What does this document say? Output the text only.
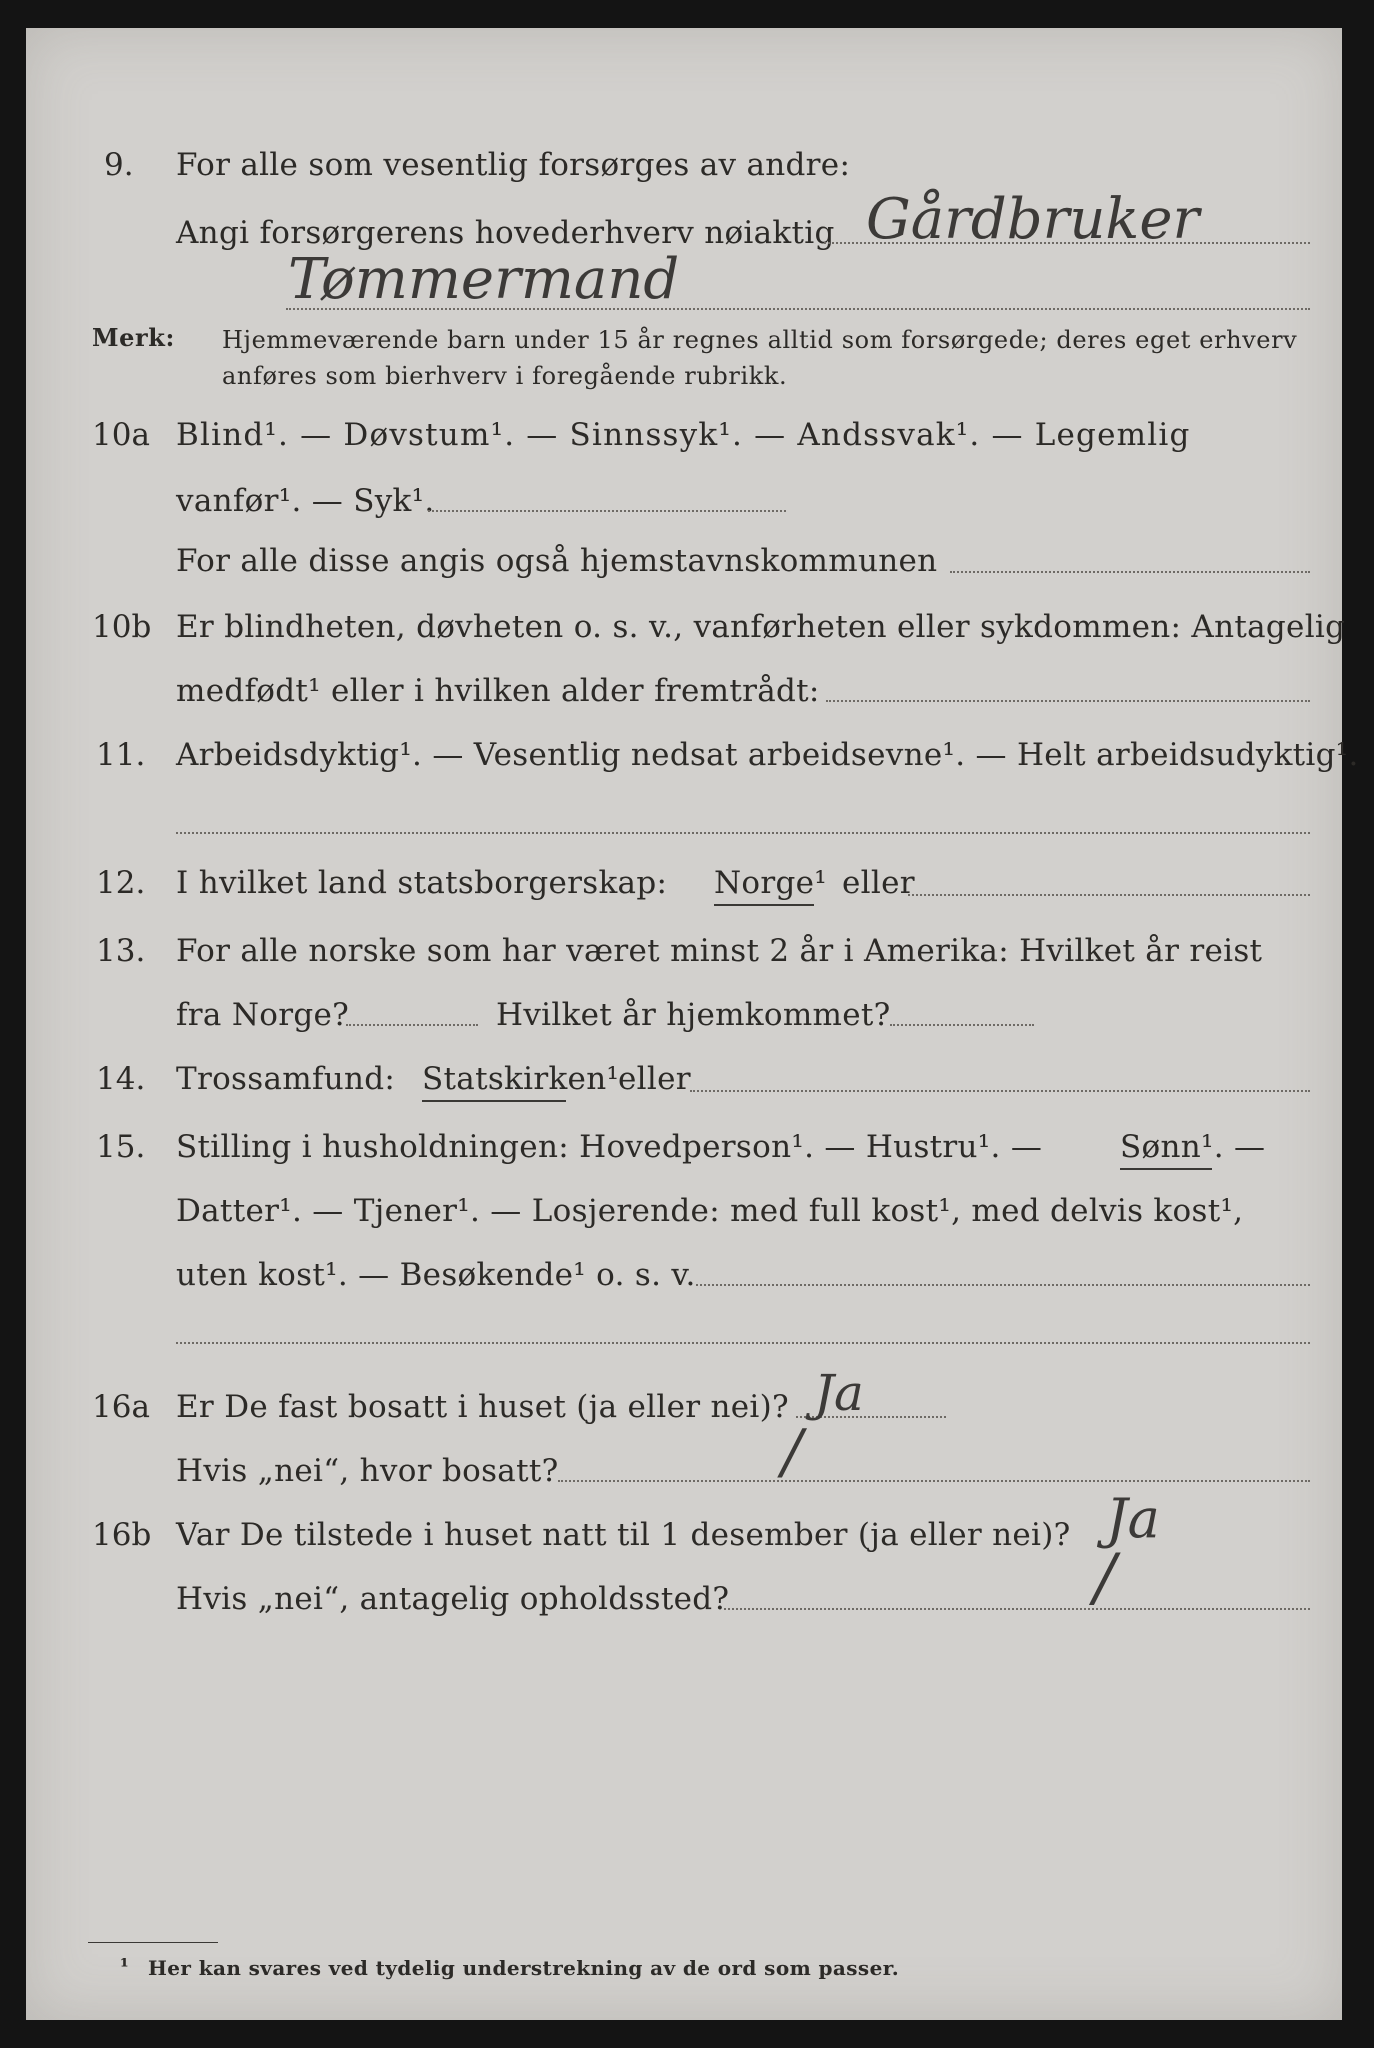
9. For alle som vesentlig forsørges av andre:
Angi forsørgerens hovederhverv nøiaktig Gårdbruker
Tømmermand
Merk: Hjemmeværende barn under 15 år regnes alltid som forsørgede; deres eget erhverv
anføres som bierhverv i foregående rubrikk.
10a Blind¹. — Døvstum¹. — Sinnssyk¹. — Andssvak¹. — Legemlig
vanfør¹. — Syk¹.
For alle disse angis også hjemstavnskommunen
10b Er blindheten, døvheten o. s. v., vanførheten eller sykdommen: Antagelig
medfødt¹ eller i hvilken alder fremtrådt:
11. Arbeidsdyktig¹. — Vesentlig nedsat arbeidsevne¹. — Helt arbeidsudyktig¹.
12. I hvilket land statsborgerskap: Norge¹ eller
13. For alle norske som har været minst 2 år i Amerika: Hvilket år reist
fra Norge?	Hvilket år hjemkommet?
14. Trossamfund: Statskirken¹
eller
15. Stilling i husholdningen: Hovedperson¹. — Hustru¹. —	Sønn¹. —
Datter¹. — Tjener¹. — Losjerende: med full kost¹, med delvis kost¹,
uten kost¹. — Besøkende¹ o. s. v.
16a Er De fast bosatt i huset (ja eller nei)? Ja
Hvis „nei“, hvor bosatt?	/
16b Var De tilstede i huset natt til 1 desember (ja eller nei)? Ja
Hvis „nei“, antagelig opholdssted?	/
¹ Her kan svares ved tydelig understrekning av de ord som passer.
